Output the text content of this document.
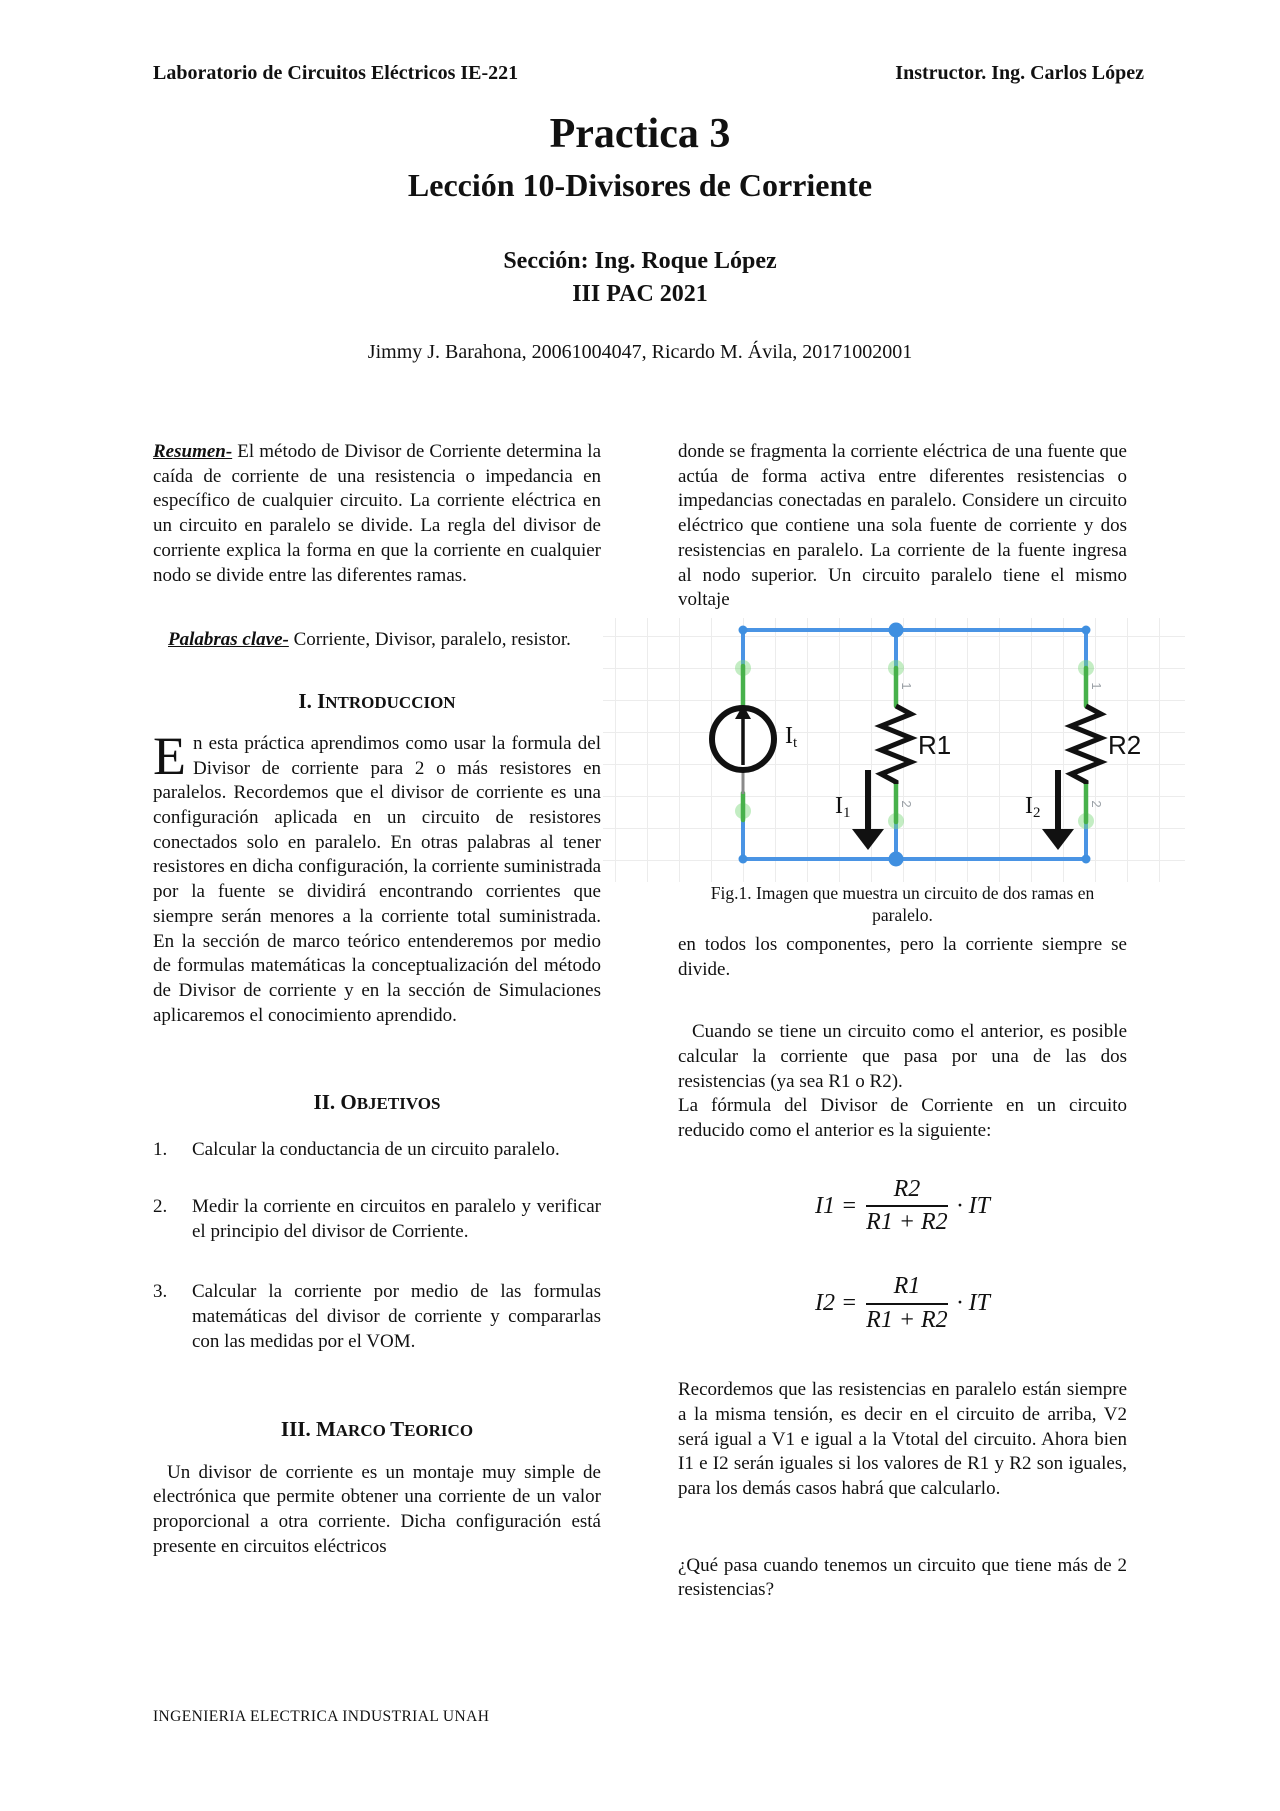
Laboratorio de Circuitos Eléctricos IE-221	Instructor. Ing. Carlos López
Practica 3
Lección 10-Divisores de Corriente
Sección: Ing. Roque López
III PAC 2021
Jimmy J. Barahona, 20061004047, Ricardo M. Ávila, 20171002001

Resumen- El método de Divisor de Corriente determina la caída de corriente de una resistencia o impedancia en específico de cualquier circuito. La corriente eléctrica en un circuito en paralelo se divide. La regla del divisor de corriente explica la forma en que la corriente en cualquier nodo se divide entre las diferentes ramas.

Palabras clave- Corriente, Divisor, paralelo, resistor.

I. INTRODUCCION

En esta práctica aprendimos como usar la formula del Divisor de corriente para 2 o más resistores en paralelos. Recordemos que el divisor de corriente es una configuración aplicada en un circuito de resistores conectados solo en paralelo. En otras palabras al tener resistores en dicha configuración, la corriente suministrada por la fuente se dividirá encontrando corrientes que siempre serán menores a la corriente total suministrada. En la sección de marco teórico entenderemos por medio de formulas matemáticas la conceptualización del método de Divisor de corriente y en la sección de Simulaciones aplicaremos el conocimiento aprendido.

II. OBJETIVOS
1.	Calcular la conductancia de un circuito paralelo.
2.	Medir la corriente en circuitos en paralelo y verificar el principio del divisor de Corriente.
3.	Calcular la corriente por medio de las formulas matemáticas del divisor de corriente y compararlas con las medidas por el VOM.
III. MARCO TEORICO

Un divisor de corriente es un montaje muy simple de electrónica que permite obtener una corriente de un valor proporcional a otra corriente. Dicha configuración está presente en circuitos eléctricos

donde se fragmenta la corriente eléctrica de una fuente que actúa de forma activa entre diferentes resistencias o impedancias conectadas en paralelo. Considere un circuito eléctrico que contiene una sola fuente de corriente y dos resistencias en paralelo. La corriente de la fuente ingresa al nodo superior. Un circuito paralelo tiene el mismo voltaje

1
2
1
2
$I_t$	R1	R2
$I_1$	$I_2$

Fig.1. Imagen que muestra un circuito de dos ramas en paralelo.

en todos los componentes, pero la corriente siempre se divide.

Cuando se tiene un circuito como el anterior, es posible calcular la corriente que pasa por una de las dos resistencias (ya sea R1 o R2).

La fórmula del Divisor de Corriente en un circuito reducido como el anterior es la siguiente:

$I1 = \frac{R2}{R1 + R2}$ · IT
$I2 = \frac{R1}{R1 + R2}$ · IT

Recordemos que las resistencias en paralelo están siempre a la misma tensión, es decir en el circuito de arriba, V2 será igual a V1 e igual a la Vtotal del circuito. Ahora bien I1 e I2 serán iguales si los valores de R1 y R2 son iguales, para los demás casos habrá que calcularlo.

¿Qué pasa cuando tenemos un circuito que tiene más de 2 resistencias?

INGENIERIA ELECTRICA INDUSTRIAL UNAH
